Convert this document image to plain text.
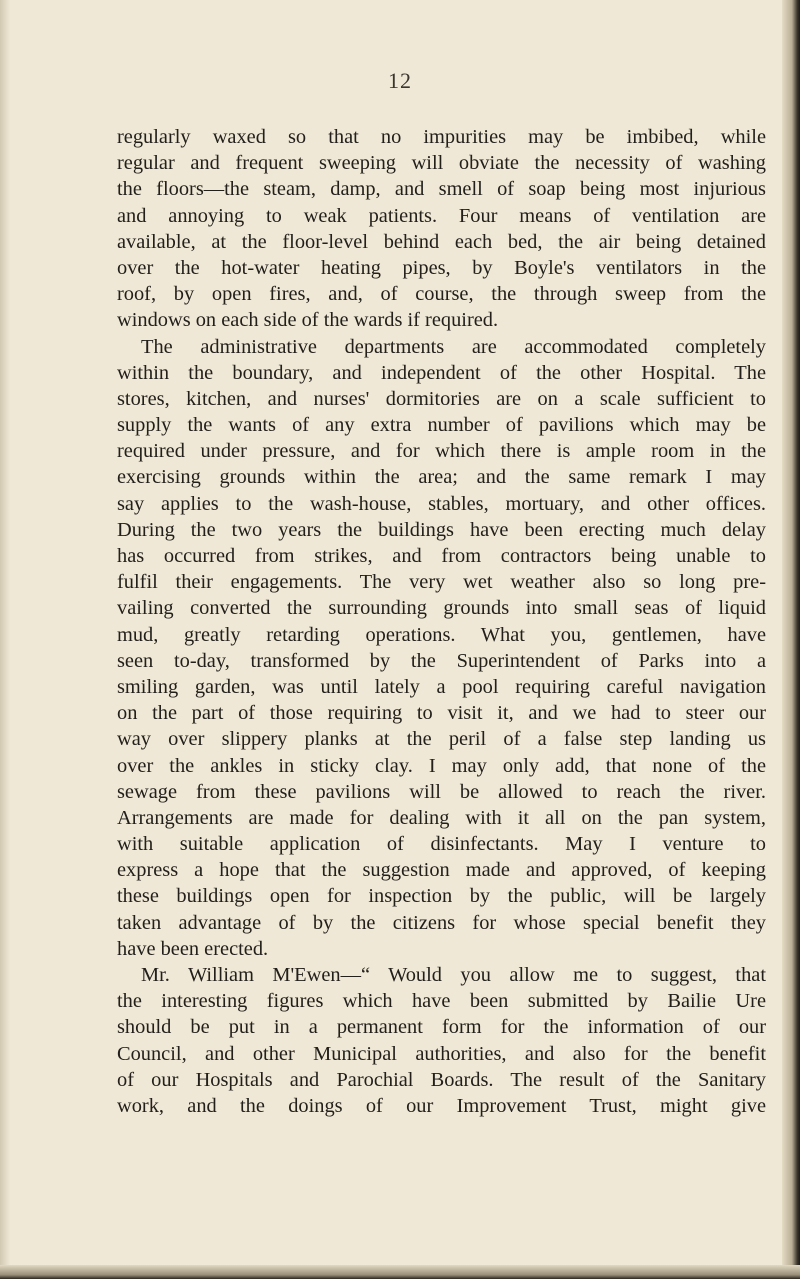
12
regularly waxed so that no impurities may be imbibed, while
regular and frequent sweeping will obviate the necessity of washing
the floors—the steam, damp, and smell of soap being most injurious
and annoying to weak patients. Four means of ventilation are
available, at the floor-level behind each bed, the air being detained
over the hot-water heating pipes, by Boyle's ventilators in the
roof, by open fires, and, of course, the through sweep from the
windows on each side of the wards if required.
The administrative departments are accommodated completely
within the boundary, and independent of the other Hospital. The
stores, kitchen, and nurses' dormitories are on a scale sufficient to
supply the wants of any extra number of pavilions which may be
required under pressure, and for which there is ample room in the
exercising grounds within the area; and the same remark I may
say applies to the wash-house, stables, mortuary, and other offices.
During the two years the buildings have been erecting much delay
has occurred from strikes, and from contractors being unable to
fulfil their engagements. The very wet weather also so long pre-
vailing converted the surrounding grounds into small seas of liquid
mud, greatly retarding operations. What you, gentlemen, have
seen to-day, transformed by the Superintendent of Parks into a
smiling garden, was until lately a pool requiring careful navigation
on the part of those requiring to visit it, and we had to steer our
way over slippery planks at the peril of a false step landing us
over the ankles in sticky clay. I may only add, that none of the
sewage from these pavilions will be allowed to reach the river.
Arrangements are made for dealing with it all on the pan system,
with suitable application of disinfectants. May I venture to
express a hope that the suggestion made and approved, of keeping
these buildings open for inspection by the public, will be largely
taken advantage of by the citizens for whose special benefit they
have been erected.
Mr. William M'Ewen—“ Would you allow me to suggest, that
the interesting figures which have been submitted by Bailie Ure
should be put in a permanent form for the information of our
Council, and other Municipal authorities, and also for the benefit
of our Hospitals and Parochial Boards. The result of the Sanitary
work, and the doings of our Improvement Trust, might give
